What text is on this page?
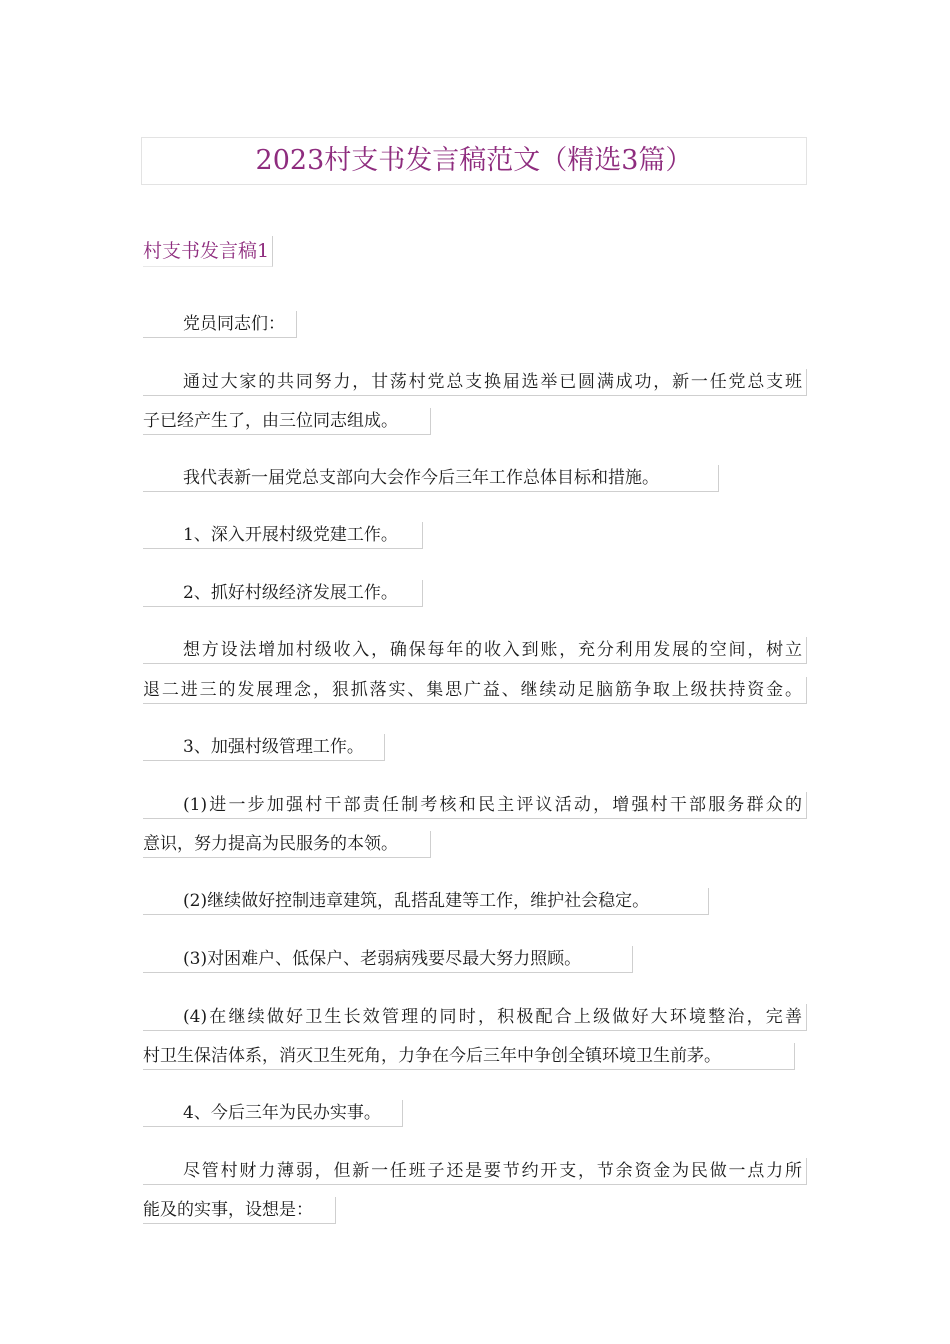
2023村支书发言稿范文（精选3篇）
村支书发言稿1
党员同志们：
通过大家的共同努力，甘荡村党总支换届选举已圆满成功，新一任党总支班
子已经产生了，由三位同志组成。
我代表新一届党总支部向大会作今后三年工作总体目标和措施。
1、深入开展村级党建工作。
2、抓好村级经济发展工作。
想方设法增加村级收入，确保每年的收入到账，充分利用发展的空间，树立
退二进三的发展理念，狠抓落实、集思广益、继续动足脑筋争取上级扶持资金。
3、加强村级管理工作。
(1)进一步加强村干部责任制考核和民主评议活动，增强村干部服务群众的
意识，努力提高为民服务的本领。
(2)继续做好控制违章建筑，乱搭乱建等工作，维护社会稳定。
(3)对困难户、低保户、老弱病残要尽最大努力照顾。
(4)在继续做好卫生长效管理的同时，积极配合上级做好大环境整治，完善
村卫生保洁体系，消灭卫生死角，力争在今后三年中争创全镇环境卫生前茅。
4、今后三年为民办实事。
尽管村财力薄弱，但新一任班子还是要节约开支，节余资金为民做一点力所
能及的实事，设想是：
